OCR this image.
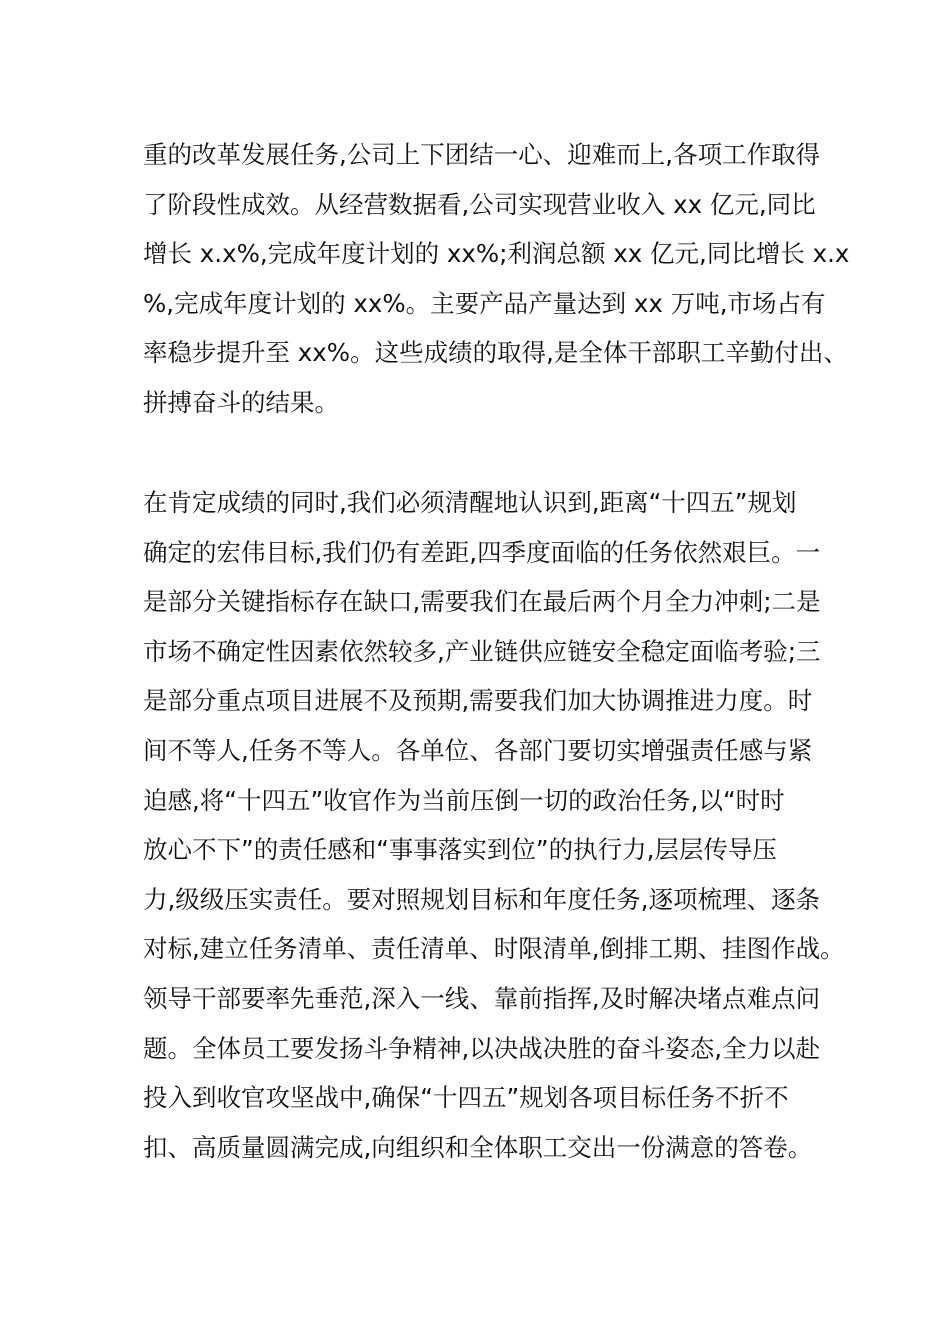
重的改革发展任务,公司上下团结一心、迎难而上,各项工作取得
了阶段性成效。从经营数据看,公司实现营业收入 xx 亿元,同比
增长 x.x%,完成年度计划的 xx%;利润总额 xx 亿元,同比增长 x.x
%,完成年度计划的 xx%。主要产品产量达到 xx 万吨,市场占有
率稳步提升至 xx%。这些成绩的取得,是全体干部职工辛勤付出、
拼搏奋斗的结果。
在肯定成绩的同时,我们必须清醒地认识到,距离“十四五”规划
确定的宏伟目标,我们仍有差距,四季度面临的任务依然艰巨。一
是部分关键指标存在缺口,需要我们在最后两个月全力冲刺;二是
市场不确定性因素依然较多,产业链供应链安全稳定面临考验;三
是部分重点项目进展不及预期,需要我们加大协调推进力度。时
间不等人,任务不等人。各单位、各部门要切实增强责任感与紧
迫感,将“十四五”收官作为当前压倒一切的政治任务,以“时时
放心不下”的责任感和“事事落实到位”的执行力,层层传导压
力,级级压实责任。要对照规划目标和年度任务,逐项梳理、逐条
对标,建立任务清单、责任清单、时限清单,倒排工期、挂图作战。
领导干部要率先垂范,深入一线、靠前指挥,及时解决堵点难点问
题。全体员工要发扬斗争精神,以决战决胜的奋斗姿态,全力以赴
投入到收官攻坚战中,确保“十四五”规划各项目标任务不折不
扣、高质量圆满完成,向组织和全体职工交出一份满意的答卷。
